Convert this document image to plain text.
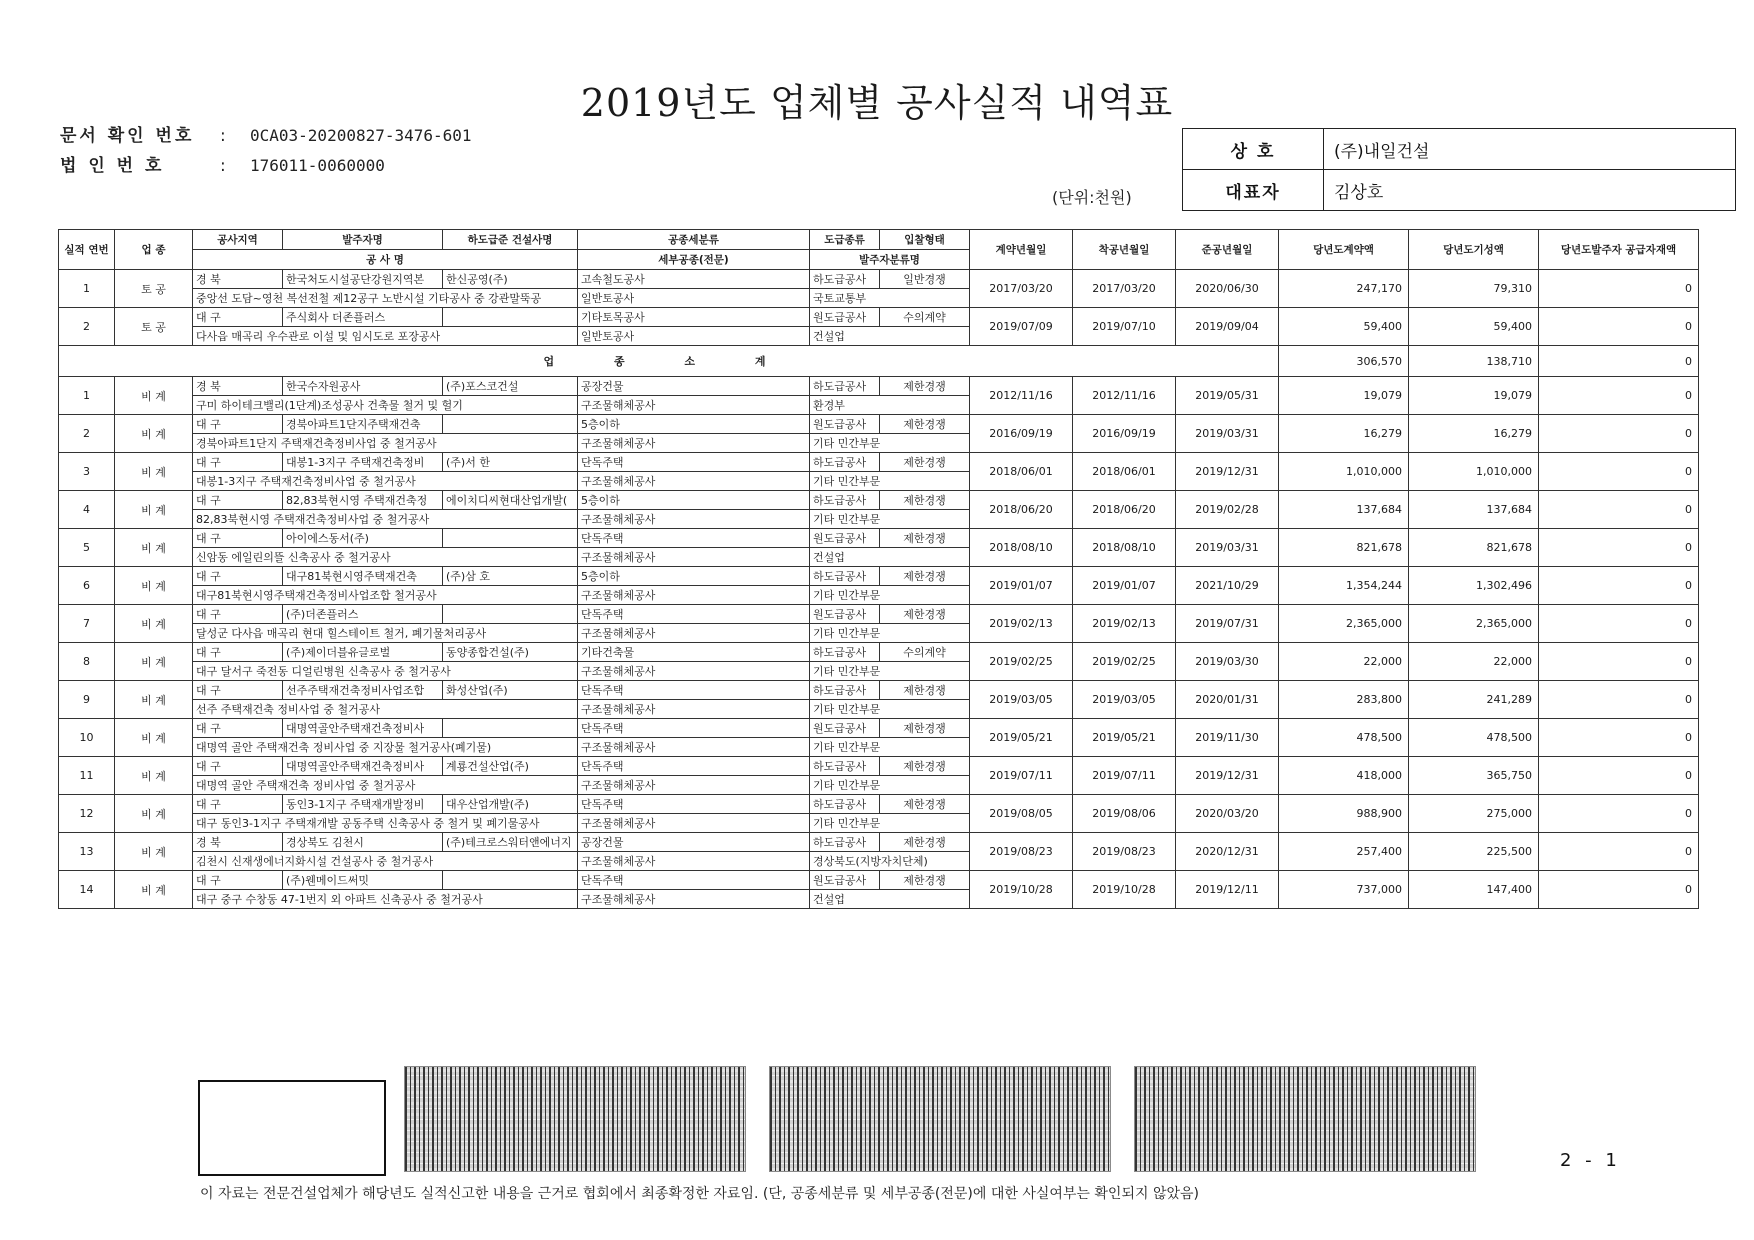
2019년도 업체별 공사실적 내역표
문서 확인 번호 : 0CA03-20200827-3476-601
법 인 번 호	: 176011-0060000
상 호	(주)내일건설
대표자	김상호
(단위:천원)
실적 연번	업 종	공사지역	발주자명	하도급준 건설사명	공종세분류	도급종류	입찰형태	계약년월일	착공년월일	준공년월일	당년도계약액	당년도기성액	당년도발주자 공급자재액
		공 사 명			세부공종(전문)	발주자분류명							
1	토 공	경 북	한국처도시설공단강원지역본	한신공영(주)	고속철도공사	하도급공사	일반경쟁	2017/03/20	2017/03/20	2020/06/30	247,170	79,310	0
		중앙선 도담~영천 복선전철 제12공구 노반시설 기타공사 중 강관말뚝공			일반토공사	국토교통부							
2	토 공	대 구	주식회사 더존플러스		기타토목공사	원도급공사	수의계약	2019/07/09	2019/07/10	2019/09/04	59,400	59,400	0
		다사읍 매곡리 우수관로 이설 및 임시도로 포장공사			일반토공사	건설업							
업 종 소 계											306,570	138,710	0
1	비 계	경 북	한국수자원공사	(주)포스코건설	공장건물	하도급공사	제한경쟁	2012/11/16	2012/11/16	2019/05/31	19,079	19,079	0
		구미 하이테크밸리(1단계)조성공사 건축물 철거 및 헐기			구조물해체공사	환경부							
2	비 계	대 구	경북아파트1단지주택재건축		5층이하	원도급공사	제한경쟁	2016/09/19	2016/09/19	2019/03/31	16,279	16,279	0
		경북아파트1단지 주택재건축정비사업 중 철거공사			구조물해체공사	기타 민간부문							
3	비 계	대 구	대봉1-3지구 주택재건축정비	(주)서 한	단독주택	하도급공사	제한경쟁	2018/06/01	2018/06/01	2019/12/31	1,010,000	1,010,000	0
		대봉1-3지구 주택재건축정비사업 중 철거공사			구조물해체공사	기타 민간부문							
4	비 계	대 구	82,83북현시영 주택재건축정	에이치디씨현대산업개발(	5층이하	하도급공사	제한경쟁	2018/06/20	2018/06/20	2019/02/28	137,684	137,684	0
		82,83북현시영 주택재건축정비사업 중 철거공사			구조물해체공사	기타 민간부문							
5	비 계	대 구	아이에스동서(주)		단독주택	원도급공사	제한경쟁	2018/08/10	2018/08/10	2019/03/31	821,678	821,678	0
		신암동 에일린의뜰 신축공사 중 철거공사			구조물해체공사	건설업							
6	비 계	대 구	대구81북현시영주택재건축	(주)삼 호	5층이하	하도급공사	제한경쟁	2019/01/07	2019/01/07	2021/10/29	1,354,244	1,302,496	0
		대구81북현시영주택재건축정비사업조합 철거공사			구조물해체공사	기타 민간부문							
7	비 계	대 구	(주)더존플러스		단독주택	원도급공사	제한경쟁	2019/02/13	2019/02/13	2019/07/31	2,365,000	2,365,000	0
		달성군 다사읍 매곡리 현대 힐스테이트 철거, 폐기물처리공사			구조물해체공사	기타 민간부문							
8	비 계	대 구	(주)제이더블유글로벌	동양종합건설(주)	기타건축물	하도급공사	수의계약	2019/02/25	2019/02/25	2019/03/30	22,000	22,000	0
		대구 달서구 죽전동 디얼린병원 신축공사 중 철거공사			구조물해체공사	기타 민간부문							
9	비 계	대 구	선주주택재건축정비사업조합	화성산업(주)	단독주택	하도급공사	제한경쟁	2019/03/05	2019/03/05	2020/01/31	283,800	241,289	0
		선주 주택재건축 정비사업 중 철거공사			구조물해체공사	기타 민간부문							
10	비 계	대 구	대명역골안주택재건축정비사		단독주택	원도급공사	제한경쟁	2019/05/21	2019/05/21	2019/11/30	478,500	478,500	0
		대명역 골안 주택재건축 정비사업 중 지장물 철거공사(폐기물)			구조물해체공사	기타 민간부문							
11	비 계	대 구	대명역골안주택재건축정비사	계룡건설산업(주)	단독주택	하도급공사	제한경쟁	2019/07/11	2019/07/11	2019/12/31	418,000	365,750	0
		대명역 골안 주택재건축 정비사업 중 철거공사			구조물해체공사	기타 민간부문							
12	비 계	대 구	동인3-1지구 주택재개발정비	대우산업개발(주)	단독주택	하도급공사	제한경쟁	2019/08/05	2019/08/06	2020/03/20	988,900	275,000	0
		대구 동인3-1지구 주택재개발 공동주택 신축공사 중 철거 및 폐기물공사			구조물해체공사	기타 민간부문							
13	비 계	경 북	경상북도 김천시	(주)테크로스워터앤에너지	공장건물	하도급공사	제한경쟁	2019/08/23	2019/08/23	2020/12/31	257,400	225,500	0
		김천시 신재생에너지화시설 건설공사 중 철거공사			구조물해체공사	경상북도(지방자치단체)							
14	비 계	대 구	(주)웬메이드써밋		단독주택	원도급공사	제한경쟁	2019/10/28	2019/10/28	2019/12/11	737,000	147,400	0
		대구 중구 수창동 47-1번지 외 아파트 신축공사 중 철거공사			구조물해체공사	건설업							
2 - 1
이 자료는 전문건설업체가 해당년도 실적신고한 내용을 근거로 협회에서 최종확정한 자료임. (단, 공종세분류 및 세부공종(전문)에 대한 사실여부는 확인되지 않았음)
